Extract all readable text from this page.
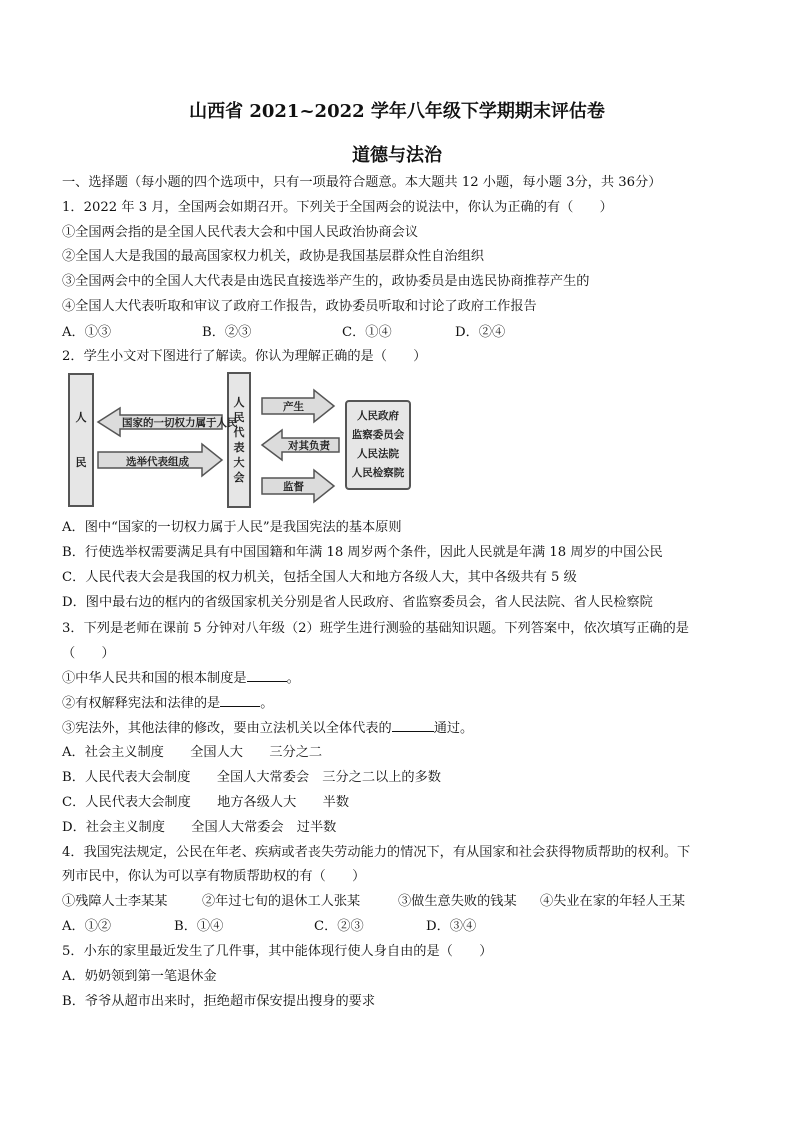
山西省 2021~2022 学年八年级下学期期末评估卷
道德与法治
一、选择题（每小题的四个选项中，只有一项最符合题意。本大题共 12 小题，每小题 3分，共 36分）
1．2022 年 3 月，全国两会如期召开。下列关于全国两会的说法中，你认为正确的有（　　）
①全国两会指的是全国人民代表大会和中国人民政治协商会议
②全国人大是我国的最高国家权力机关，政协是我国基层群众性自治组织
③全国两会中的全国人大代表是由选民直接选举产生的，政协委员是由选民协商推荐产生的
④全国人大代表听取和审议了政府工作报告，政协委员听取和讨论了政府工作报告
A．①③	B．②③	C．①④	D．②④
2．学生小文对下图进行了解读。你认为理解正确的是（　　）
人
民
人
民
代
表
大
会
国家的一切权力属于人民
选举代表组成
产生
对其负责
监督
人民政府
监察委员会
人民法院
人民检察院
A．图中“国家的一切权力属于人民”是我国宪法的基本原则
B．行使选举权需要满足具有中国国籍和年满 18 周岁两个条件，因此人民就是年满 18 周岁的中国公民
C．人民代表大会是我国的权力机关，包括全国人大和地方各级人大，其中各级共有 5 级
D．图中最右边的框内的省级国家机关分别是省人民政府、省监察委员会，省人民法院、省人民检察院
3．下列是老师在课前 5 分钟对八年级（2）班学生进行测验的基础知识题。下列答案中，依次填写正确的是
（　　）
①中华人民共和国的根本制度是	。
②有权解释宪法和法律的是	。
③宪法外，其他法律的修改，要由立法机关以全体代表的	通过。
A．社会主义制度　　全国人大　　三分之二
B．人民代表大会制度　　全国人大常委会　三分之二以上的多数
C．人民代表大会制度　　地方各级人大　　半数
D．社会主义制度　　全国人大常委会　过半数
4．我国宪法规定，公民在年老、疾病或者丧失劳动能力的情况下，有从国家和社会获得物质帮助的权利。下
列市民中，你认为可以享有物质帮助权的有（　　）
①残障人士李某某	②年过七旬的退休工人张某	③做生意失败的钱某 ④失业在家的年轻人王某
A．①②	B．①④	C．②③	D．③④
5．小东的家里最近发生了几件事，其中能体现行使人身自由的是（　　）
A．奶奶领到第一笔退休金
B．爷爷从超市出来时，拒绝超市保安提出搜身的要求
